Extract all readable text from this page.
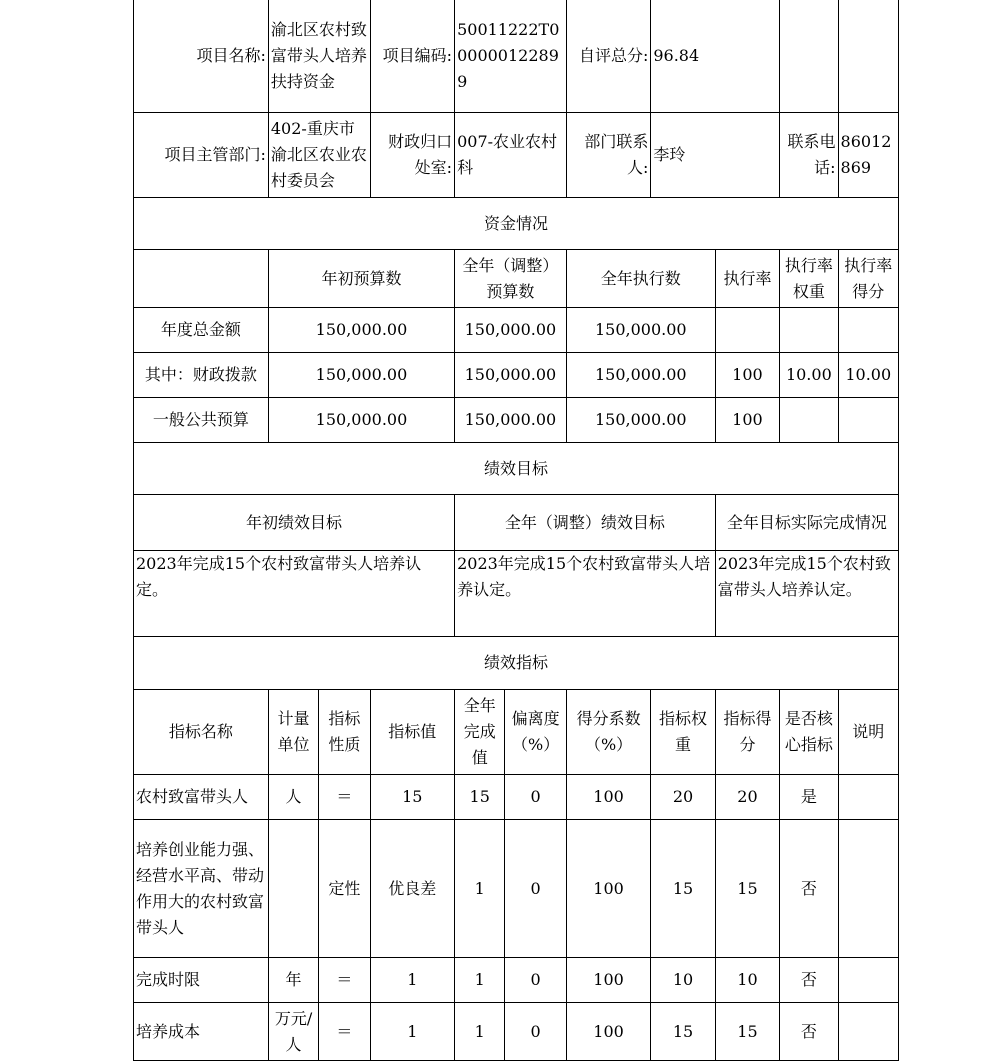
项目名称:	渝北区农村致富带头人培养扶持资金		项目编码:	50011222T000000122899		自评总分:	96.84			
项目主管部门:	402-重庆市渝北区农业农村委员会		财政归口处室:	007-农业农村科		部门联系人:	李玲		联系电话:	86012869
资金情况										
	年初预算数			全年（调整）预算数		全年执行数		执行率	执行率权重	执行率得分
年度总金额	150,000.00			150,000.00		150,000.00				
其中：财政拨款	150,000.00			150,000.00		150,000.00		100	10.00	10.00
一般公共预算	150,000.00			150,000.00		150,000.00		100		
绩效目标										
年初绩效目标				全年（调整）绩效目标				全年目标实际完成情况		
2023年完成15个农村致富带头人培养认定。				2023年完成15个农村致富带头人培养认定。				2023年完成15个农村致富带头人培养认定。		
绩效指标										
指标名称	计量单位	指标性质	指标值	全年完成值	偏离度（%）	得分系数（%）	指标权重	指标得分	是否核心指标	说明
农村致富带头人	人	＝	15	15	0	100	20	20	是	
培养创业能力强、经营水平高、带动作用大的农村致富带头人		定性	优良差	1	0	100	15	15	否	
完成时限	年	＝	1	1	0	100	10	10	否	
培养成本	万元/人	＝	1	1	0	100	15	15	否	
